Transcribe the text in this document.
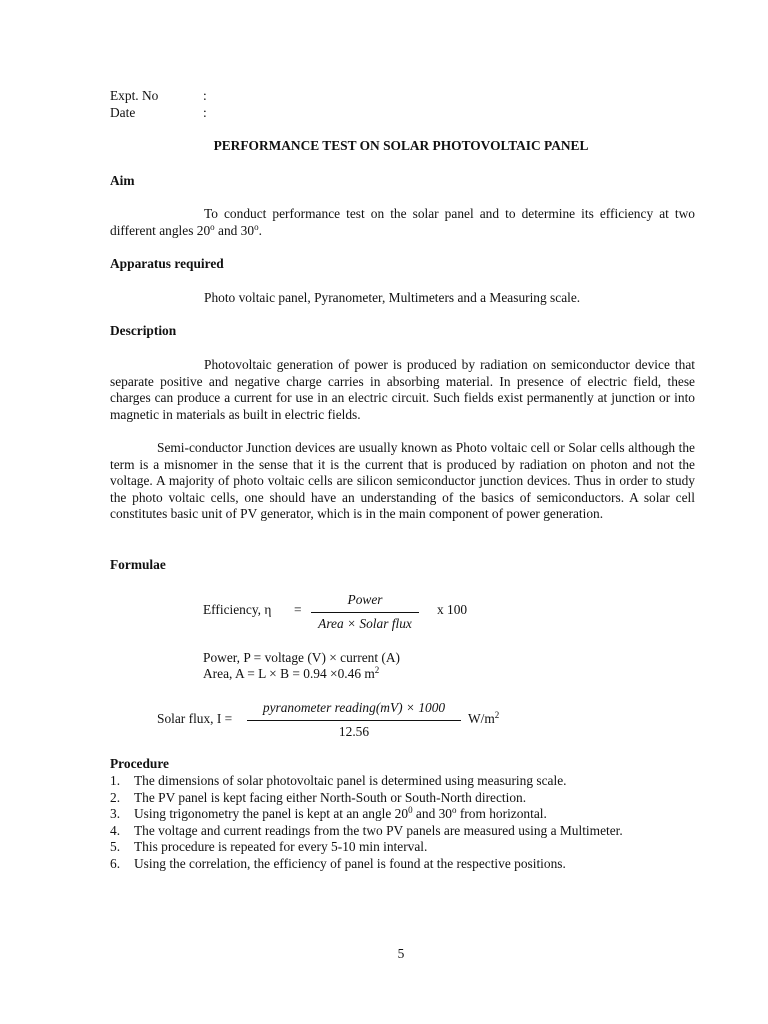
Expt. No	:
Date	:
PERFORMANCE TEST ON SOLAR PHOTOVOLTAIC PANEL
Aim
To conduct performance test on the solar panel and to determine its efficiency at two different angles 20$^o$ and 30$^o$.
Apparatus required
Photo voltaic panel, Pyranometer, Multimeters and a Measuring scale.
Description
Photovoltaic generation of power is produced by radiation on semiconductor device that separate positive and negative charge carries in absorbing material. In presence of electric field, these charges can produce a current for use in an electric circuit. Such fields exist permanently at junction or into magnetic in materials as built in electric fields.
Semi-conductor Junction devices are usually known as Photo voltaic cell or Solar cells although the term is a misnomer in the sense that it is the current that is produced by radiation on photon and not the voltage. A majority of photo voltaic cells are silicon semiconductor junction devices. Thus in order to study the photo voltaic cells, one should have an understanding of the basics of semiconductors. A solar cell constitutes basic unit of PV generator, which is in the main component of power generation.
Formulae
Efficiency, η =
Power
Area × Solar flux
x 100
Power, P = voltage (V) × current (A)
Area, A = L × B = 0.94 ×0.46 $m^2$
Solar flux, I =
pyranometer reading(mV) × 1000
12.56
$W/m^2$
Procedure
1. The dimensions of solar photovoltaic panel is determined using measuring scale.
2. The PV panel is kept facing either North-South or South-North direction.
3. Using trigonometry the panel is kept at an angle $20^0$ and 30$^o$ from horizontal.
4. The voltage and current readings from the two PV panels are measured using a Multimeter.
5. This procedure is repeated for every 5-10 min interval.
6. Using the correlation, the efficiency of panel is found at the respective positions.
5
